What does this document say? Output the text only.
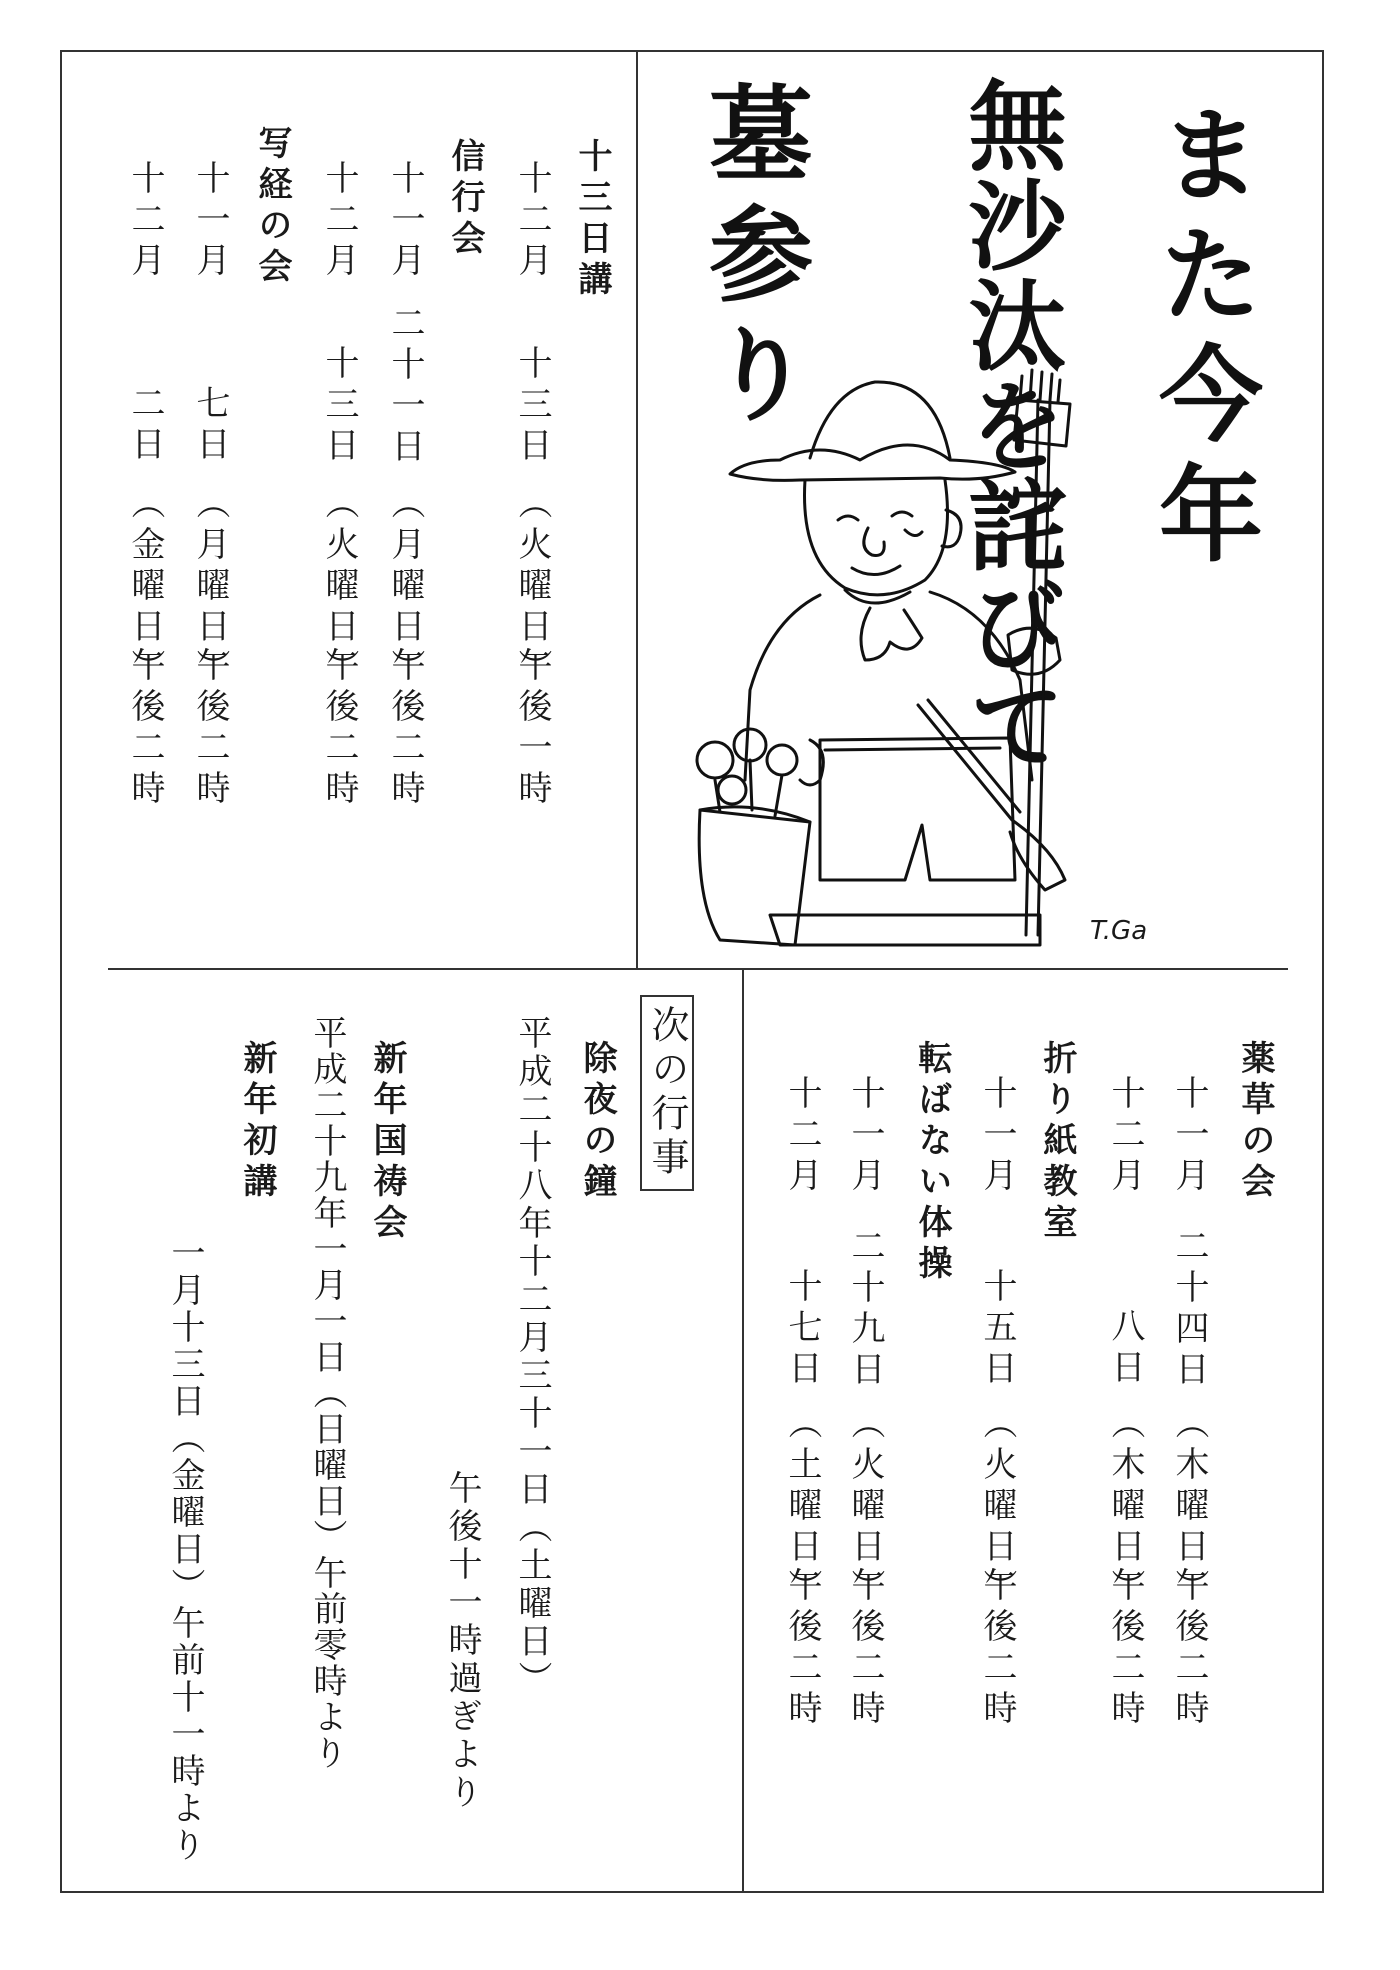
また今年
無沙汰を詫びて
墓参り
T.Ga
十三日講
十二月
十三日
（火曜日）
午後一時
信行会
十一月
二十一日
（月曜日）
午後二時
十二月
十三日
（火曜日）
午後二時
写経の会
十一月
七日
（月曜日）
午後二時
十二月
二日
（金曜日）
午後二時
薬草の会
十一月
二十四日
（木曜日）
午後二時
十二月
八日
（木曜日）
午後二時
折り紙教室
十一月
十五日
（火曜日）
午後二時
転ばない体操
十一月
二十九日
（火曜日）
午後二時
十二月
十七日
（土曜日）
午後二時
次の行事
除夜の鐘
平成二十八年十二月三十一日（土曜日）
午後十一時過ぎより
新年国祷会
平成二十九年一月一日（日曜日）午前零時より
新年初講
一月十三日（金曜日）午前十一時より
